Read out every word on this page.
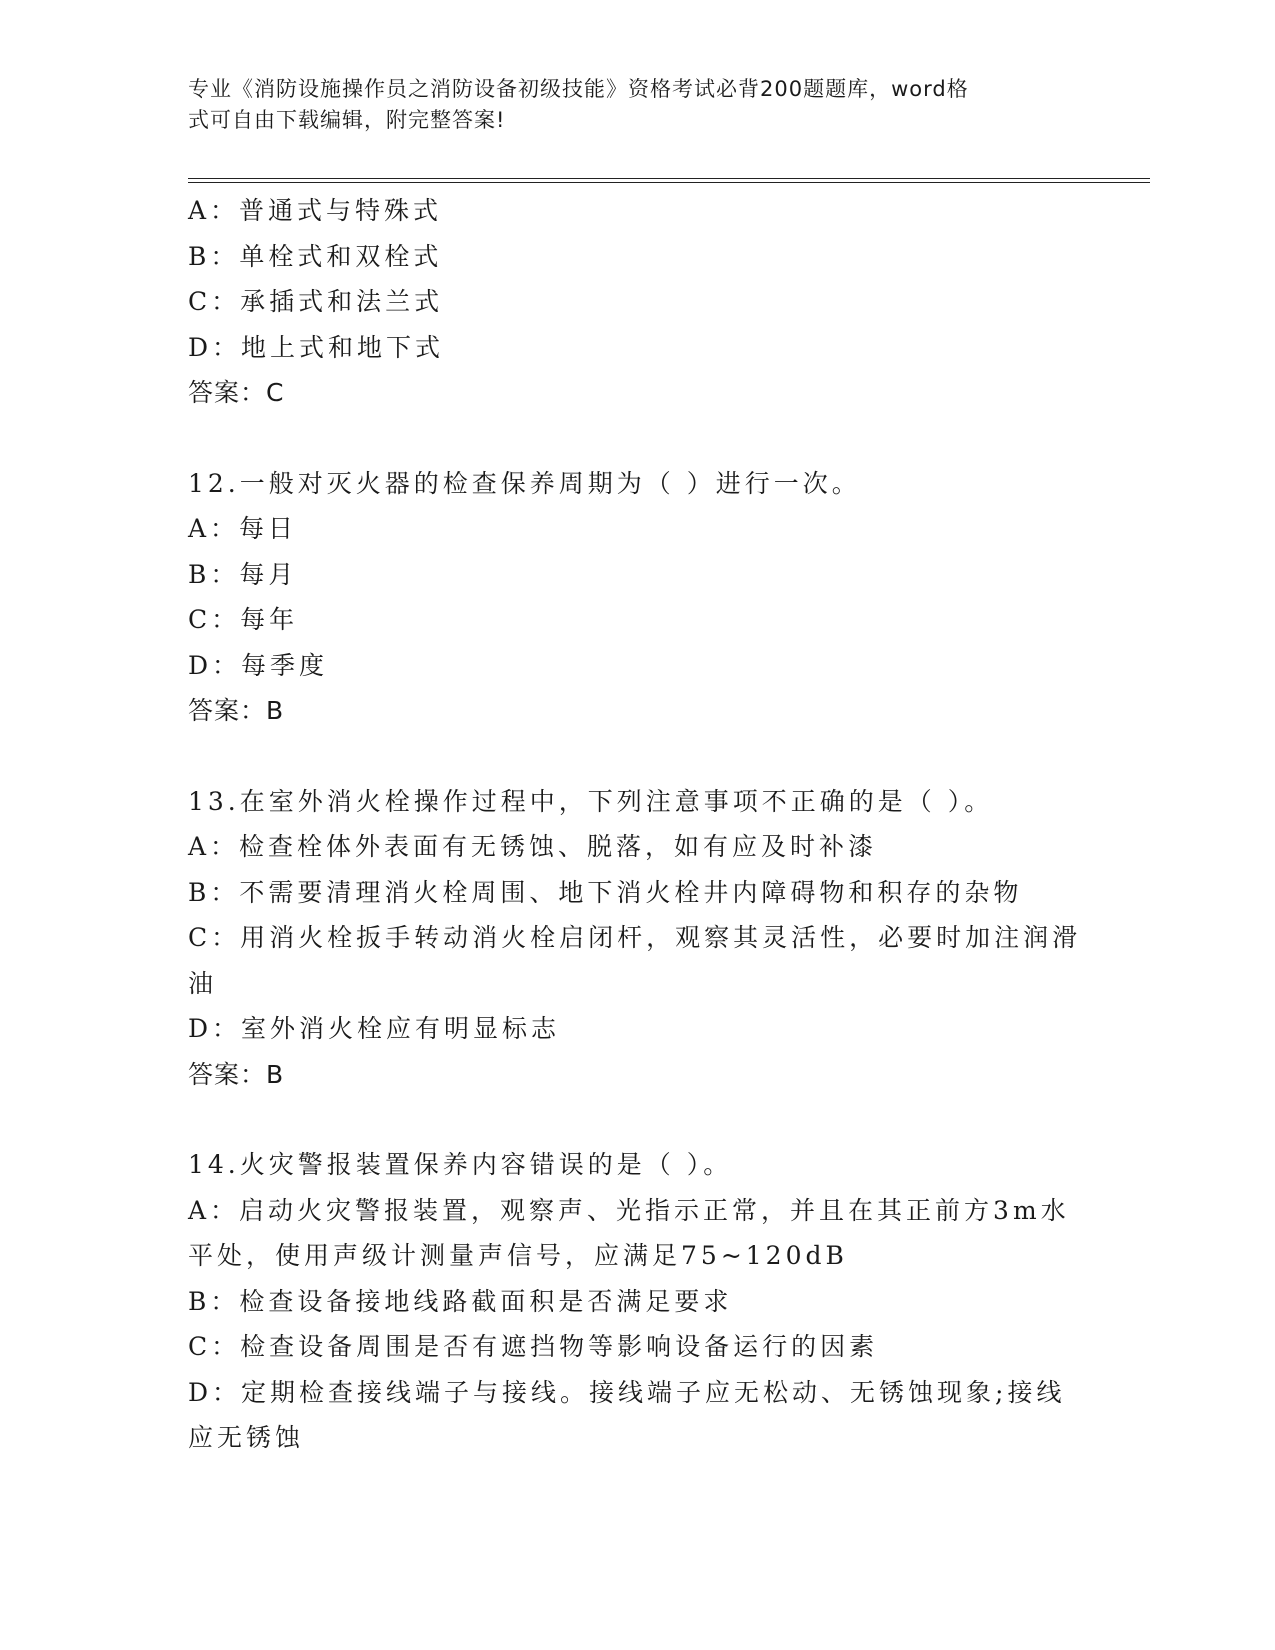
专业《消防设施操作员之消防设备初级技能》资格考试必背200题题库，word格
式可自由下载编辑，附完整答案!
A：普通式与特殊式
B：单栓式和双栓式
C：承插式和法兰式
D：地上式和地下式
答案：C
12.一般对灭火器的检查保养周期为（ ）进行一次。
A：每日
B：每月
C：每年
D：每季度
答案：B
13.在室外消火栓操作过程中，下列注意事项不正确的是（ ）。
A：检查栓体外表面有无锈蚀、脱落，如有应及时补漆
B：不需要清理消火栓周围、地下消火栓井内障碍物和积存的杂物
C：用消火栓扳手转动消火栓启闭杆，观察其灵活性，必要时加注润滑
油
D：室外消火栓应有明显标志
答案：B
14.火灾警报装置保养内容错误的是（ ）。
A：启动火灾警报装置，观察声、光指示正常，并且在其正前方3m水
平处，使用声级计测量声信号，应满足75~120dB
B：检查设备接地线路截面积是否满足要求
C：检查设备周围是否有遮挡物等影响设备运行的因素
D：定期检查接线端子与接线。接线端子应无松动、无锈蚀现象;接线
应无锈蚀
